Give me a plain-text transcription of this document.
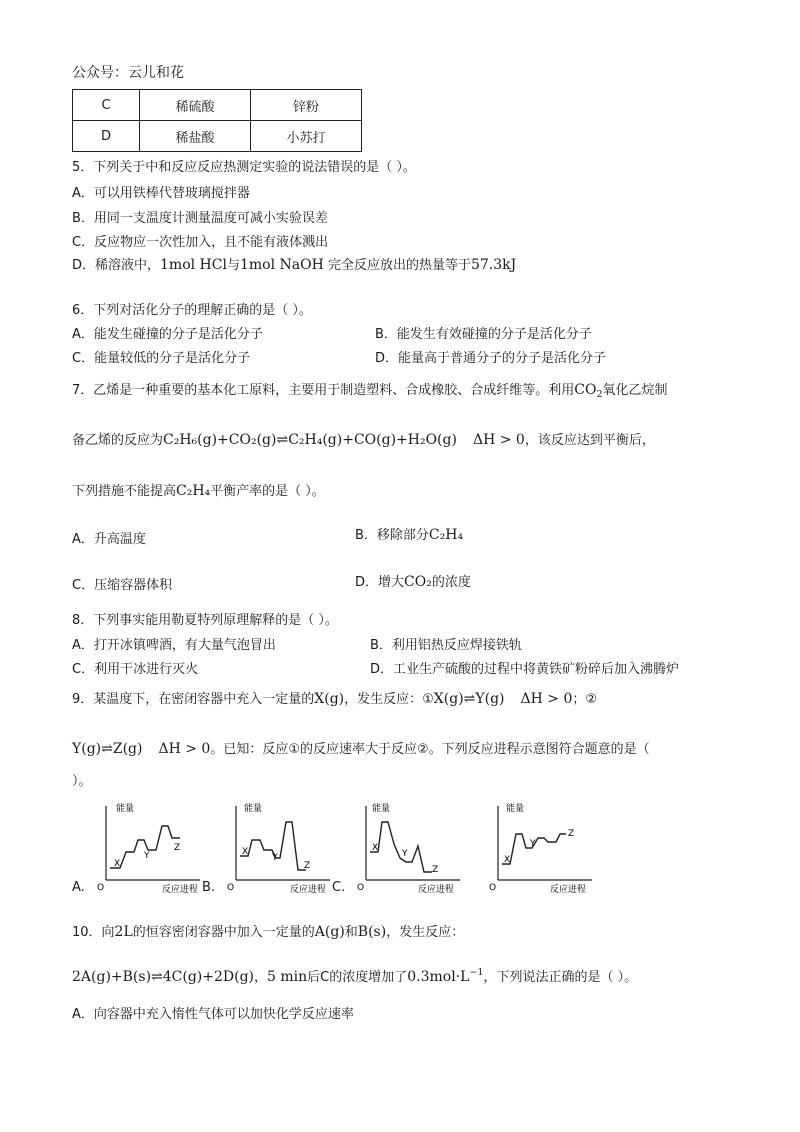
公众号：云儿和花
C	稀硫酸	锌粉
D	稀盐酸	小苏打
5．下列关于中和反应反应热测定实验的说法错误的是（ ）。
A．可以用铁棒代替玻璃搅拌器
B．用同一支温度计测量温度可减小实验误差
C．反应物应一次性加入，且不能有液体溅出
D．稀溶液中，1mol HCl与1mol NaOH 完全反应放出的热量等于57.3kJ
6．下列对活化分子的理解正确的是（ ）。
A．能发生碰撞的分子是活化分子	B．能发生有效碰撞的分子是活化分子
C．能量较低的分子是活化分子	D．能量高于普通分子的分子是活化分子
7．乙烯是一种重要的基本化工原料，主要用于制造塑料、合成橡胶、合成纤维等。利用$CO_2$氧化乙烷制
备乙烯的反应为C₂H₆(g)+CO₂(g)⇌C₂H₄(g)+CO(g)+H₂O(g) ΔH > 0，该反应达到平衡后，
下列措施不能提高C₂H₄平衡产率的是（ ）。
A．升高温度	B．移除部分C₂H₄
C．压缩容器体积	D．增大CO₂的浓度
8．下列事实能用勒夏特列原理解释的是（ ）。
A．打开冰镇啤酒，有大量气泡冒出	B．利用铝热反应焊接铁轨
C．利用干冰进行灭火	D．工业生产硫酸的过程中将黄铁矿粉碎后加入沸腾炉
9．某温度下，在密闭容器中充入一定量的X(g)，发生反应：①X(g)⇌Y(g) ΔH > 0；②
Y(g)⇌Z(g) ΔH > 0。已知：反应①的反应速率大于反应②。下列反应进程示意图符合题意的是（
）。
A.
能量
O
X
Y
Z
反应进程 B.
能量
O
X
Y
Z
反应进程 C.
能量
O
X
Y
Z
反应进程
能量
O
X
Y
Z
反应进程
10．向2L的恒容密闭容器中加入一定量的A(g)和B(s)，发生反应：
2A(g)+B(s)⇌4C(g)+2D(g)，5 min后C的浓度增加了$0.3mol\cdot L^{-1}$，下列说法正确的是（ ）。
A．向容器中充入惰性气体可以加快化学反应速率
